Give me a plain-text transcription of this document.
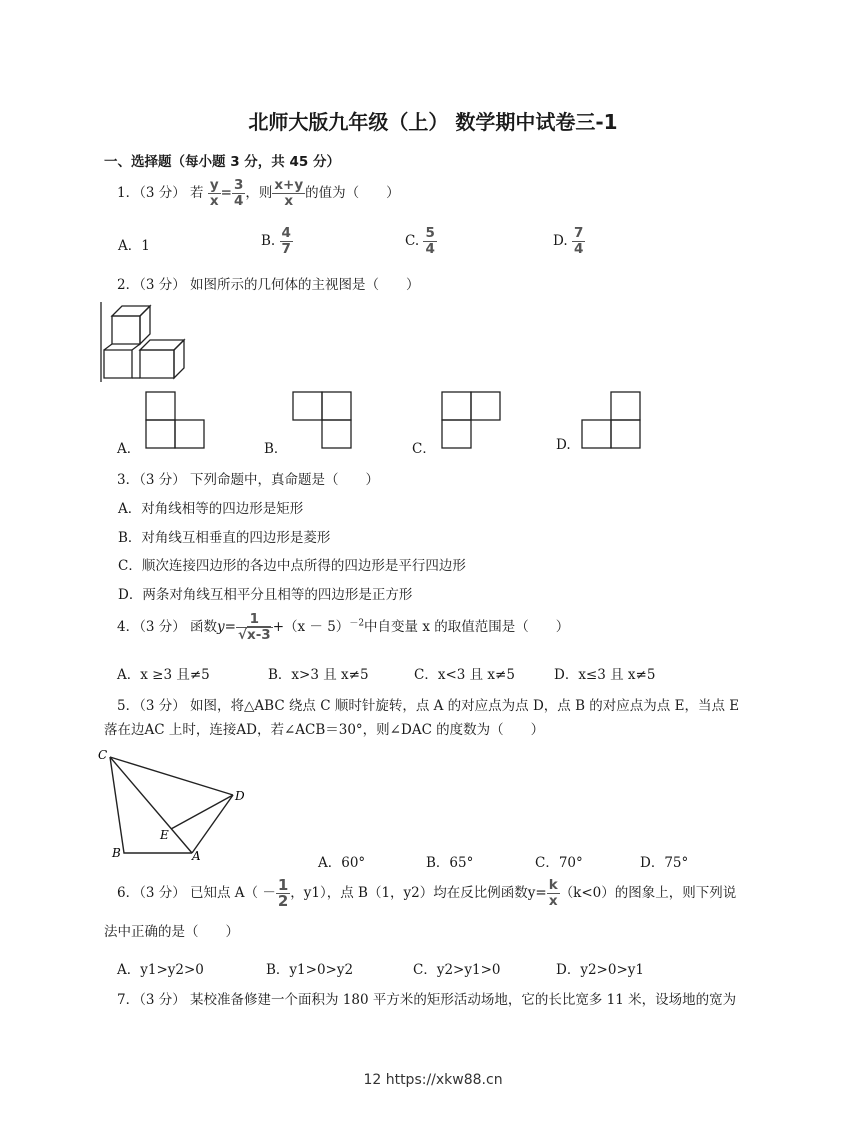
北师大版九年级（上） 数学期中试卷三-1
一、选择题（每小题 3 分，共 45 分）
1．（3 分） 若 $\frac{y}{x} = \frac{3}{4}$ ，则 $\frac{x+y}{x}$ 的值为（　　）
A．1	B. $\frac{4}{7}$	C. $\frac{5}{4}$	D. $\frac{7}{4}$
2．（3 分） 如图所示的几何体的主视图是（　　）
A．	B．	C．	D.
3．（3 分） 下列命题中，真命题是（　　）
A．对角线相等的四边形是矩形
B．对角线互相垂直的四边形是菱形
C．顺次连接四边形的各边中点所得的四边形是平行四边形
D．两条对角线互相平分且相等的四边形是正方形
4．（3 分） 函数$y= \frac{1}{√x-3} +(x - 5)^{-2}$中自变量 x 的取值范围是（　　）
A．x ≥3 且≠5	B．x>3 且 x≠5	C．x<3 且 x≠5	D．x≤3 且 x≠5
5．（3 分） 如图，将△ABC 绕点 C 顺时针旋转，点 A 的对应点为点 D，点 B 的对应点为点 E，当点 E
落在边AC 上时，连接AD，若∠ACB＝30°，则∠DAC 的度数为（　　）
C
D
E
B	A	A．60°	B．65°	C．70°	D．75°
6．（3 分） 已知点 $A( - \frac{1}{2}$ ，y1），点 B（1，y2）均在反比例函数$y= \frac{k}{x} (k<0)$的图象上，则下列说
法中正确的是（　　）
A．y1>y2>0	B．y1>0>y2	C．y2>y1>0	D．y2>0>y1
7．（3 分） 某校准备修建一个面积为 180 平方米的矩形活动场地，它的长比宽多 11 米，设场地的宽为
12 https://xkw88.cn
